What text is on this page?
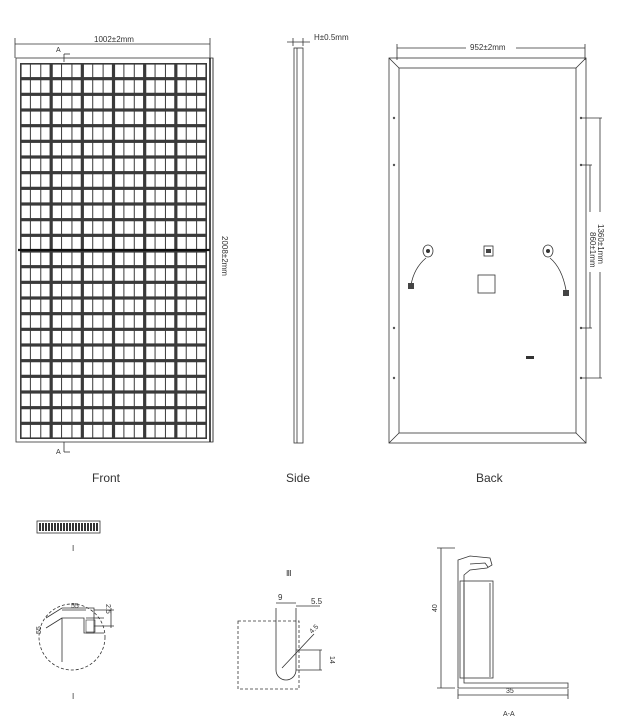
1002±2mm
A
2008±2mm
A
Front
H±0.5mm
Side
952±2mm
1360±1mm
860±1mm
Back
I
55	2.5
55
I
Ⅲ
9	5.5
4.5
14
40
35
A-A
